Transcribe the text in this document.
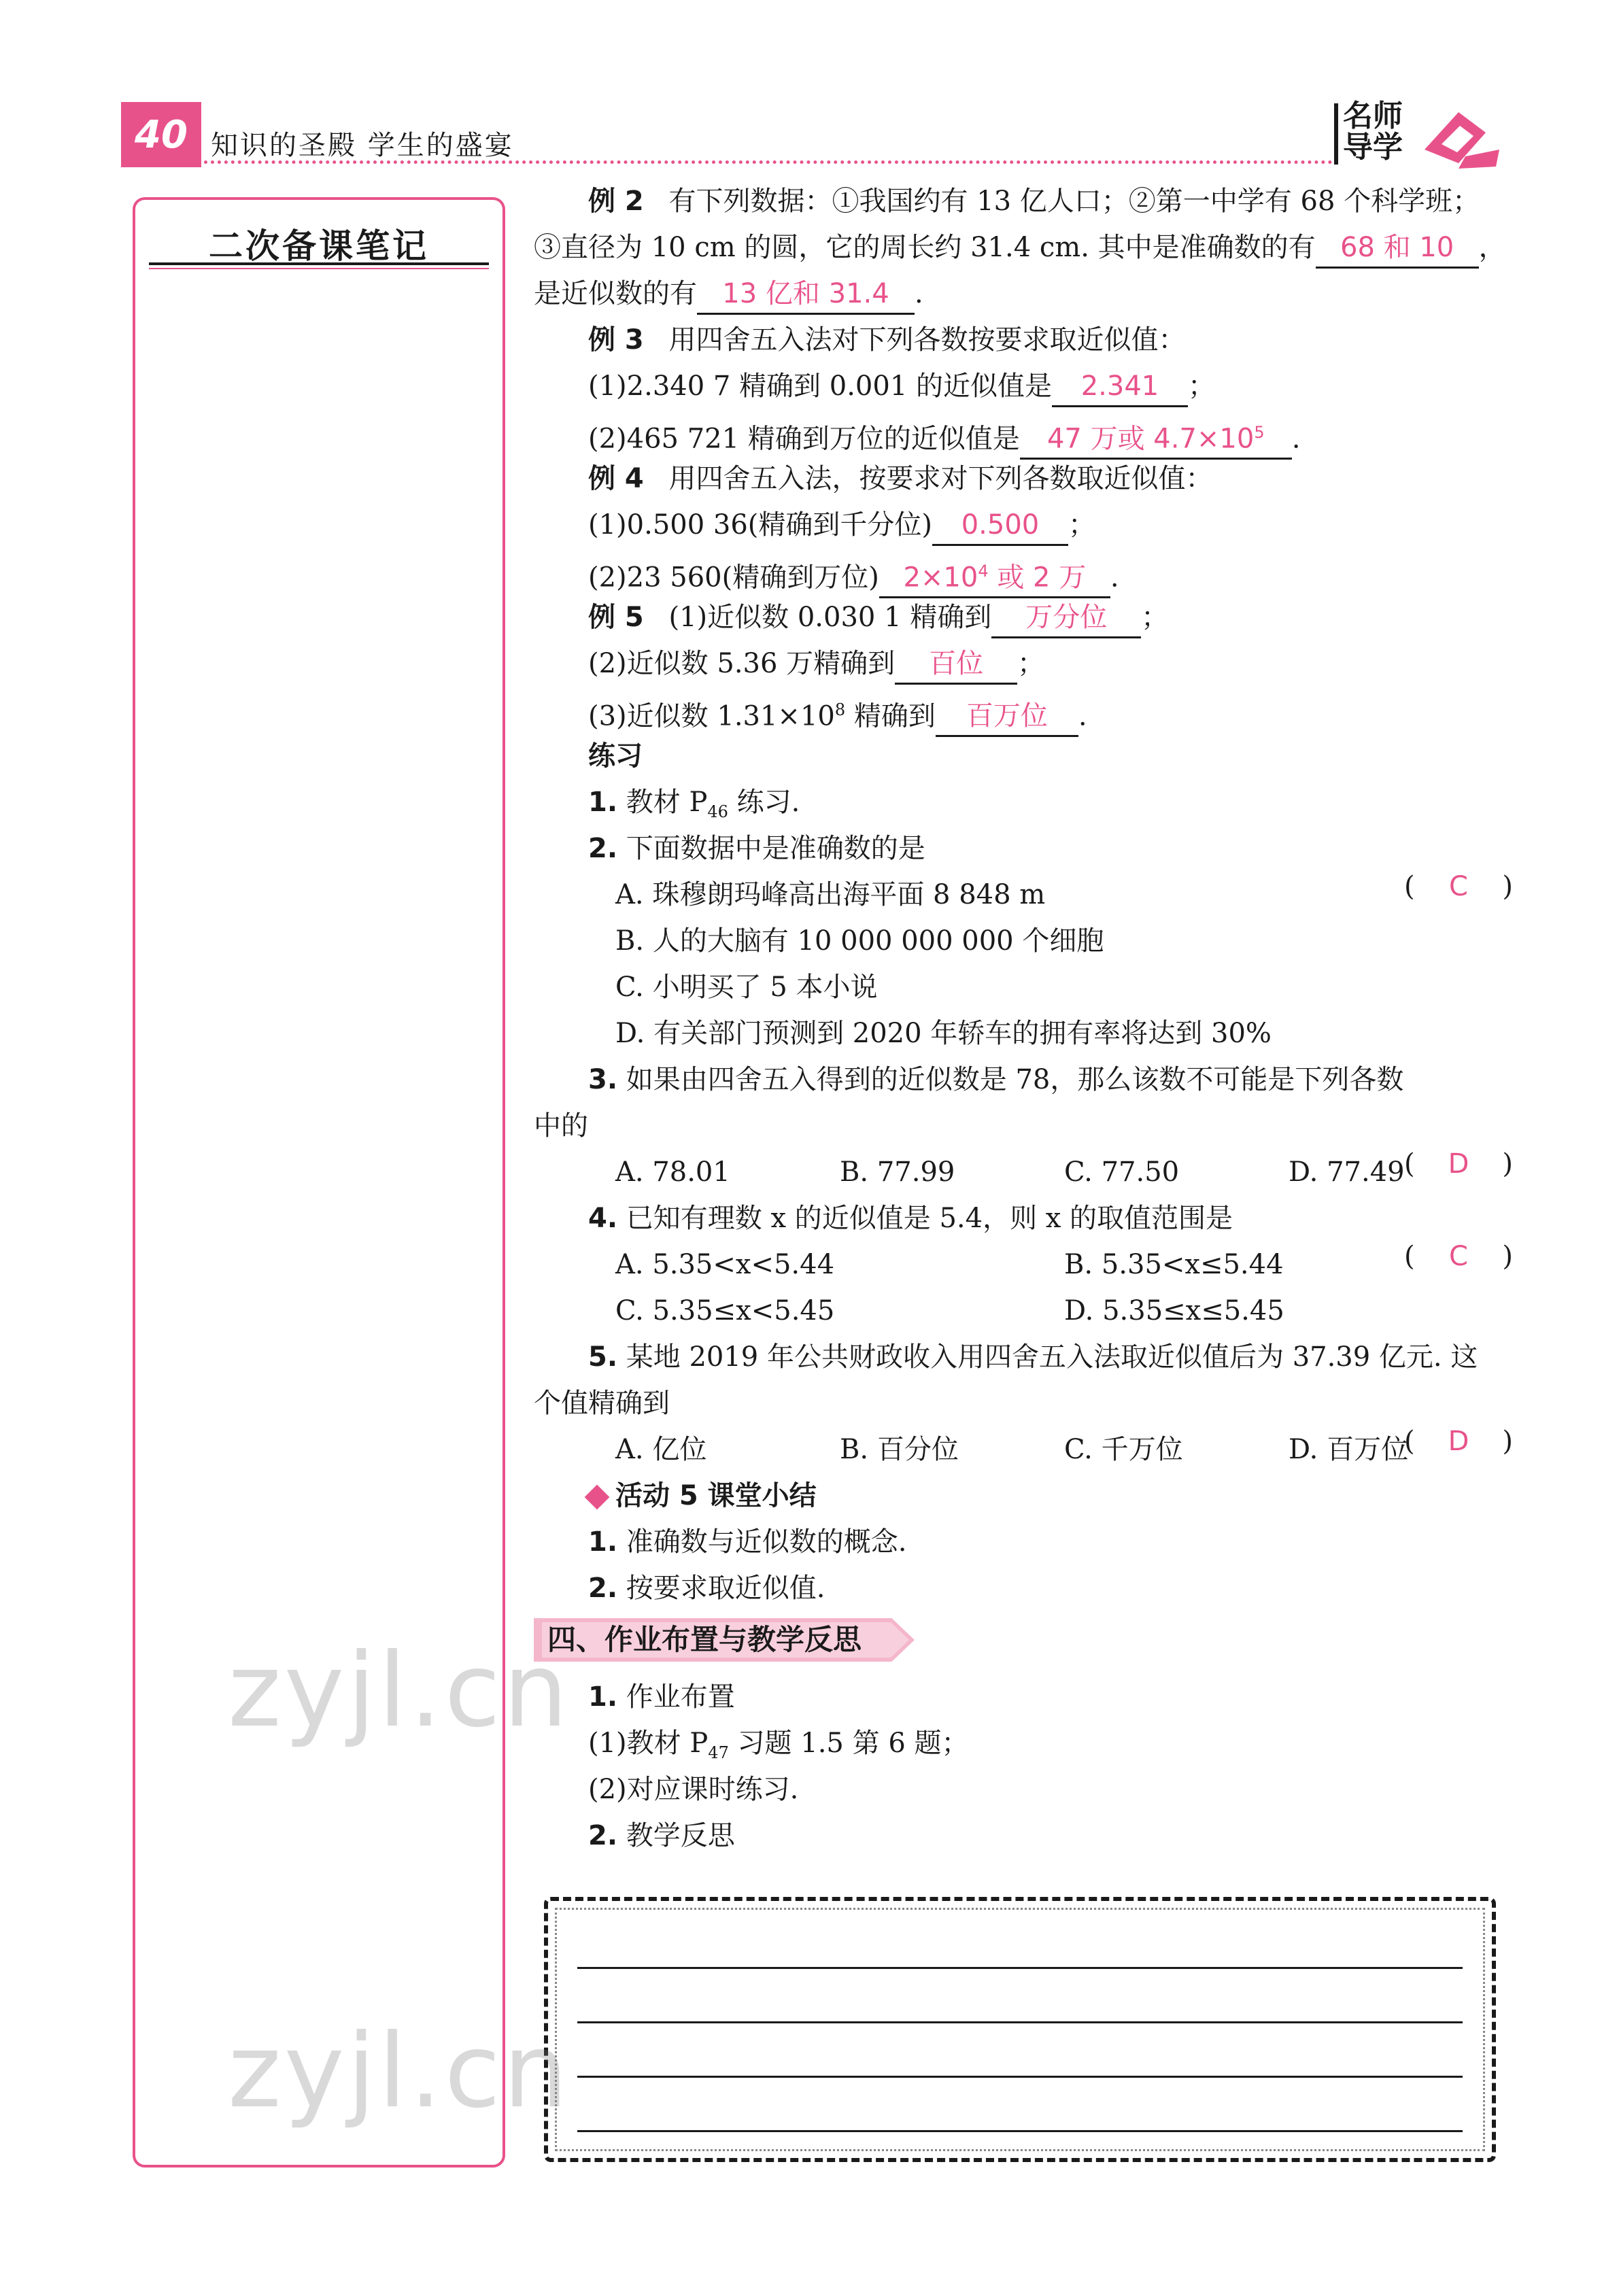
40 知识的圣殿 学生的盛宴
名师导学
二次备课笔记
例 2 有下列数据：①我国约有 13 亿人口；②第一中学有 68 个科学班；
③直径为 10 cm 的圆，它的周长约 31.4 cm. 其中是准确数的有 68 和 10 ，
是近似数的有 13 亿和 31.4 .
例 3 用四舍五入法对下列各数按要求取近似值：
(1)2.340 7 精确到 0.001 的近似值是 2.341 ；
(2)465 721 精确到万位的近似值是 47 万或 $4.7\times 10^5$ .
例 4 用四舍五入法，按要求对下列各数取近似值：
(1)0.500 36(精确到千分位) 0.500 ；
(2)23 560(精确到万位) $2\times 10^4$ 或 2 万 .
例 5 (1)近似数 0.030 1 精确到 万分位 ；
(2)近似数 5.36 万精确到 百位 ；
(3)近似数 $1.31\times 10^8$ 精确到 百万位 .
练习
1. 教材 $P_{46}$ 练习.
2. 下面数据中是准确数的是
( C )
A. 珠穆朗玛峰高出海平面 8 848 m
B. 人的大脑有 10 000 000 000 个细胞
C. 小明买了 5 本小说
D. 有关部门预测到 2020 年轿车的拥有率将达到 30%
3. 如果由四舍五入得到的近似数是 78，那么该数不可能是下列各数
中的
( D )
A. 78.01	B. 77.99	C. 77.50	D. 77.49
4. 已知有理数 x 的近似值是 5.4，则 x 的取值范围是
( C )
A. 5.35<x<5.44	B. 5.35<x≤5.44
C. 5.35≤x<5.45	D. 5.35≤x≤5.45
5. 某地 2019 年公共财政收入用四舍五入法取近似值后为 37.39 亿元. 这
个值精确到
( D )
A. 亿位	B. 百分位	C. 千万位	D. 百万位
活动 5 课堂小结
1. 准确数与近似数的概念.
2. 按要求取近似值.
四、作业布置与教学反思
1. 作业布置
(1)教材 $P_{47}$ 习题 1.5 第 6 题；
(2)对应课时练习.
2. 教学反思
zyjl.cn
zyjl.cn
